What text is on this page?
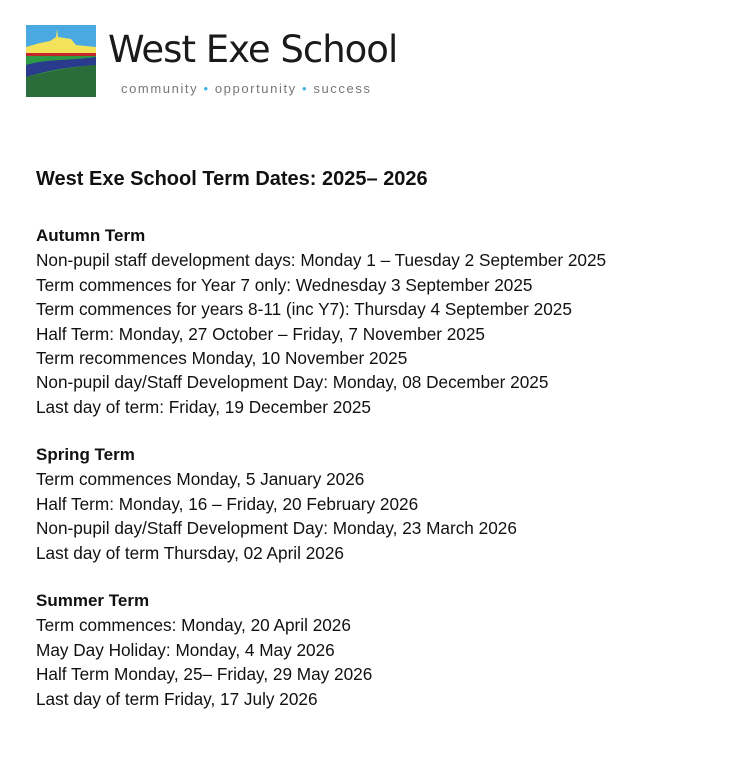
West Exe School
community • opportunity • success
West Exe School Term Dates: 2025– 2026
Autumn Term
Non-pupil staff development days: Monday 1 – Tuesday 2 September 2025
Term commences for Year 7 only: Wednesday 3 September 2025
Term commences for years 8-11 (inc Y7): Thursday 4 September 2025
Half Term: Monday, 27 October – Friday, 7 November 2025
Term recommences Monday, 10 November 2025
Non-pupil day/Staff Development Day: Monday, 08 December 2025
Last day of term: Friday, 19 December 2025
Spring Term
Term commences Monday, 5 January 2026
Half Term: Monday, 16 – Friday, 20 February 2026
Non-pupil day/Staff Development Day: Monday, 23 March 2026
Last day of term Thursday, 02 April 2026
Summer Term
Term commences: Monday, 20 April 2026
May Day Holiday: Monday, 4 May 2026
Half Term Monday, 25– Friday, 29 May 2026
Last day of term Friday, 17 July 2026
